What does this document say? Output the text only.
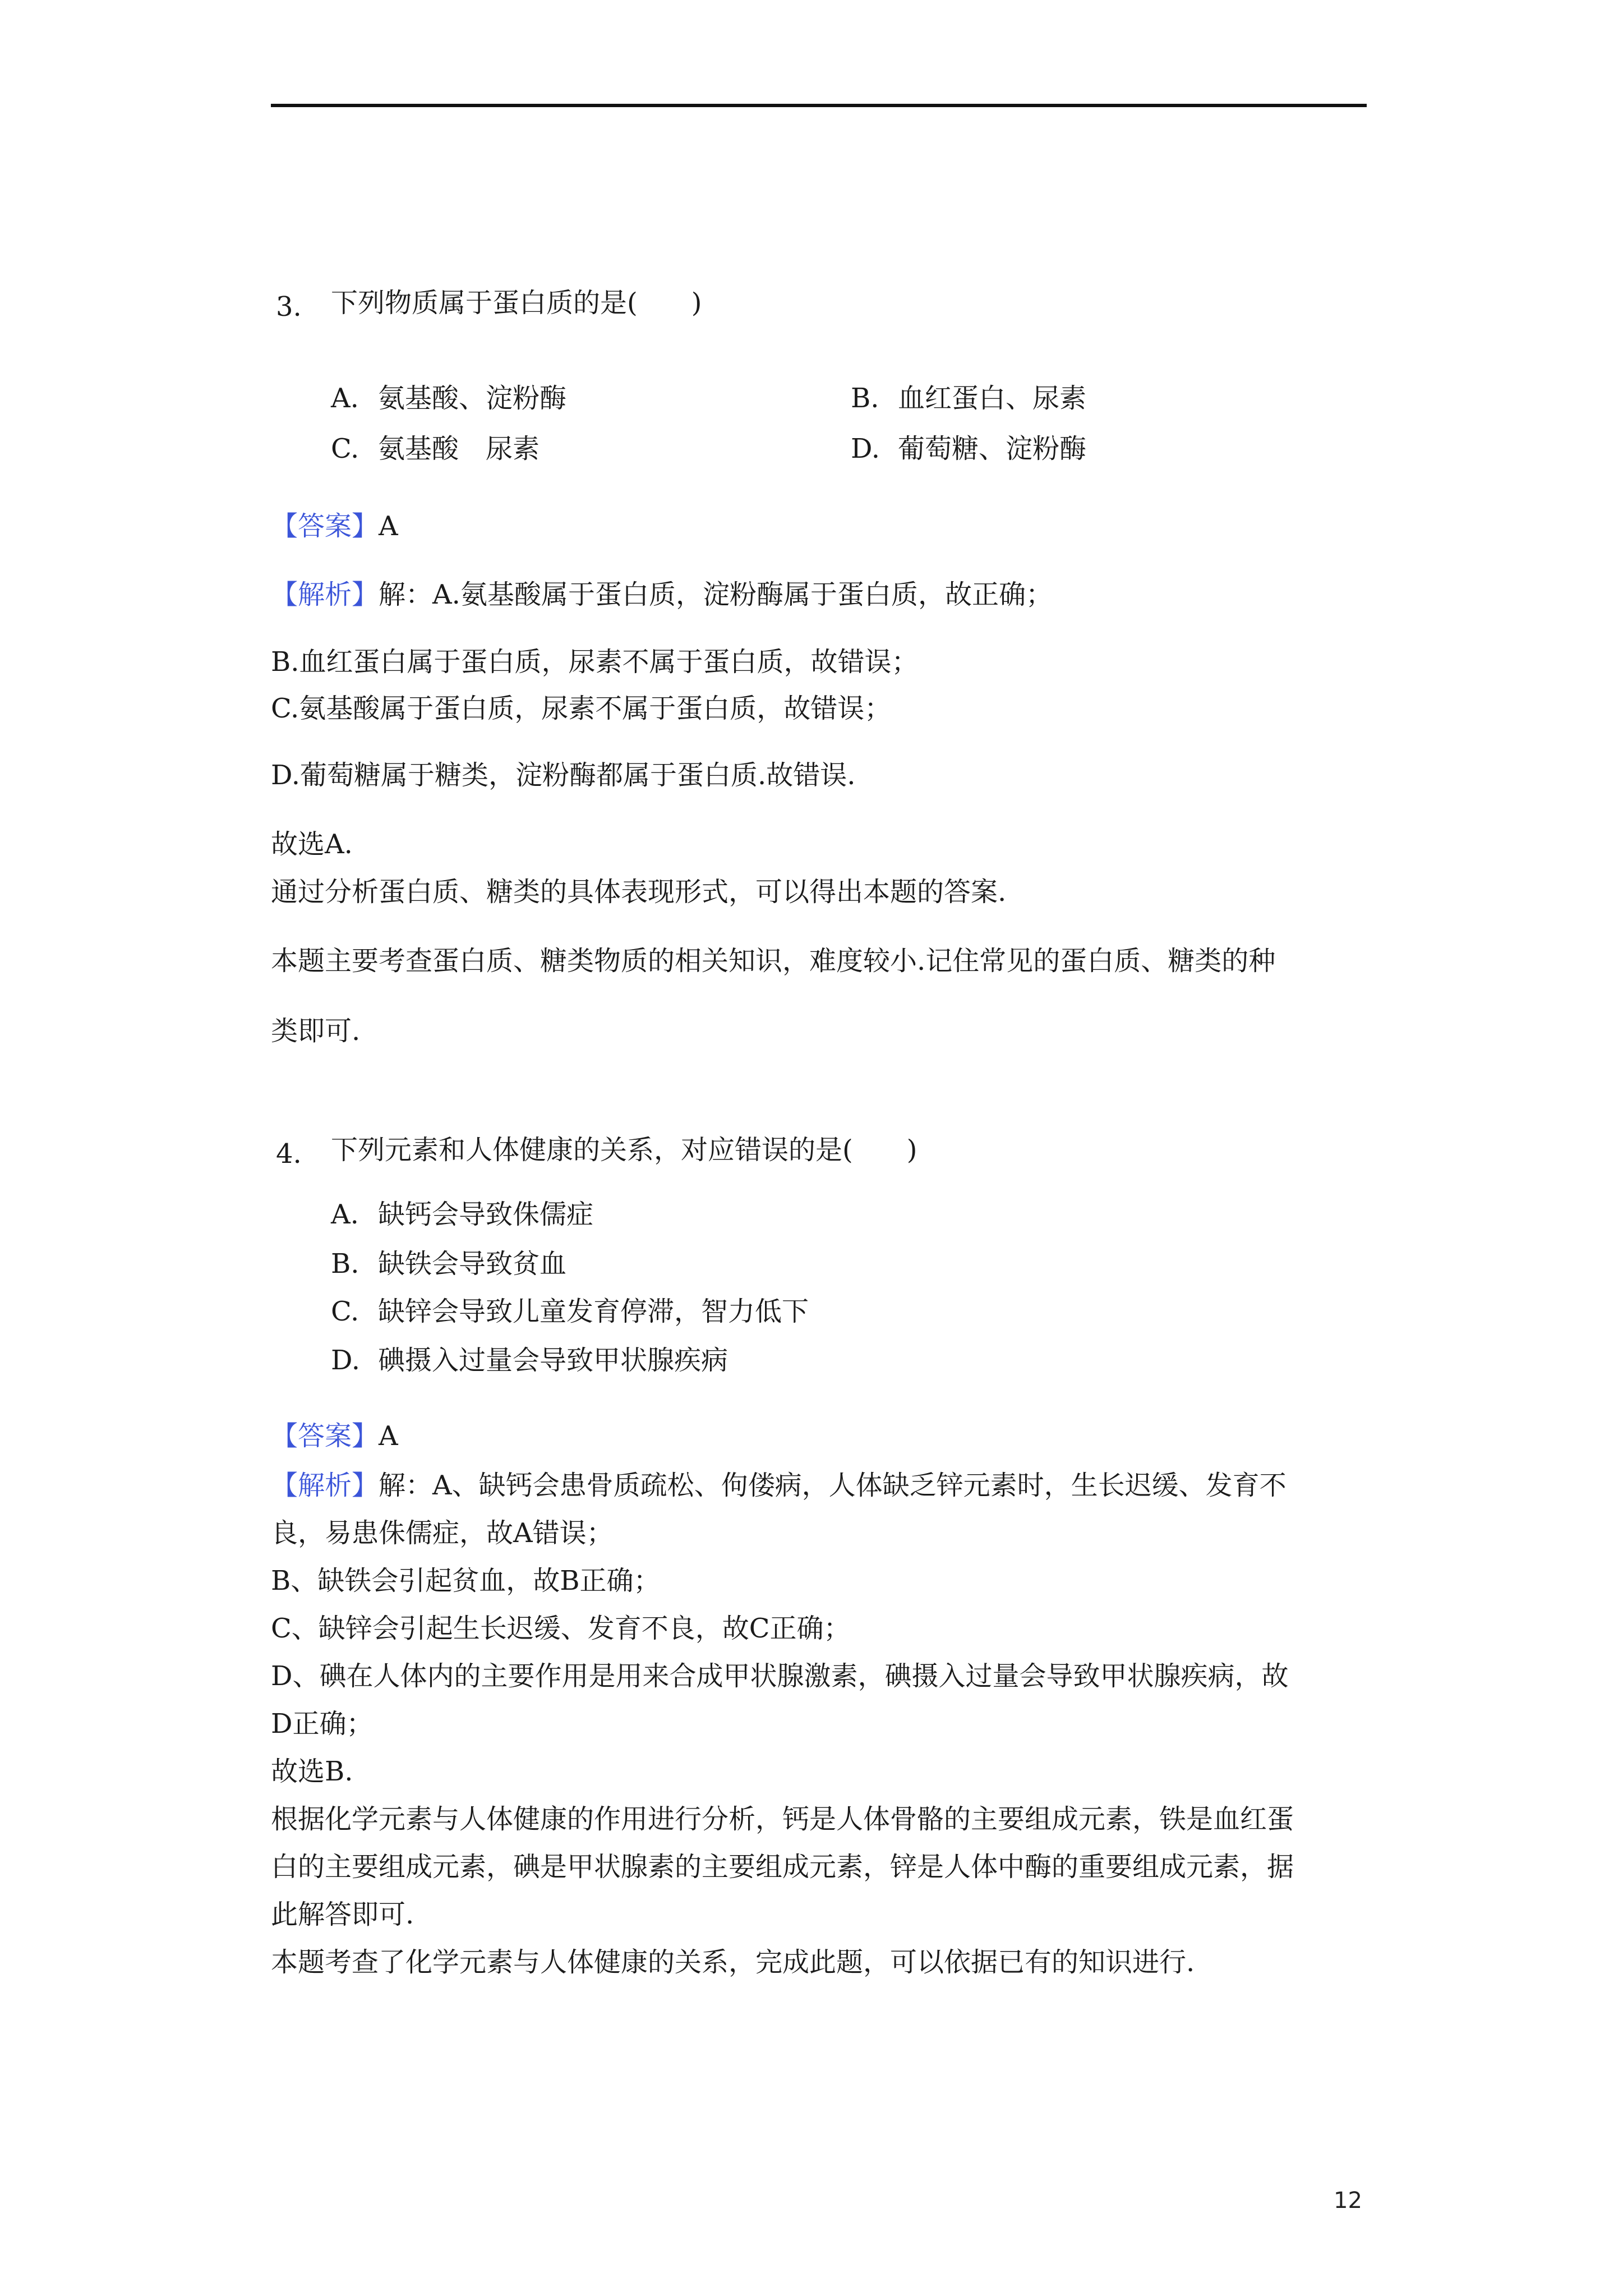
3. 下列物质属于蛋白质的是(　　)
A. 氨基酸、淀粉酶	B. 血红蛋白、尿素
C. 氨基酸　尿素	D. 葡萄糖、淀粉酶
【答案】A
【解析】解：A.氨基酸属于蛋白质，淀粉酶属于蛋白质，故正确；
B.血红蛋白属于蛋白质，尿素不属于蛋白质，故错误；
C.氨基酸属于蛋白质，尿素不属于蛋白质，故错误；
D.葡萄糖属于糖类，淀粉酶都属于蛋白质.故错误.
故选A.
通过分析蛋白质、糖类的具体表现形式，可以得出本题的答案.
本题主要考查蛋白质、糖类物质的相关知识，难度较小.记住常见的蛋白质、糖类的种
类即可.
4. 下列元素和人体健康的关系，对应错误的是(　　)
A. 缺钙会导致侏儒症
B. 缺铁会导致贫血
C. 缺锌会导致儿童发育停滞，智力低下
D. 碘摄入过量会导致甲状腺疾病
【答案】A
【解析】解：A、缺钙会患骨质疏松、佝偻病，人体缺乏锌元素时，生长迟缓、发育不
良，易患侏儒症，故A错误；
B、缺铁会引起贫血，故B正确；
C、缺锌会引起生长迟缓、发育不良，故C正确；
D、碘在人体内的主要作用是用来合成甲状腺激素，碘摄入过量会导致甲状腺疾病，故
D正确；
故选B.
根据化学元素与人体健康的作用进行分析，钙是人体骨骼的主要组成元素，铁是血红蛋
白的主要组成元素，碘是甲状腺素的主要组成元素，锌是人体中酶的重要组成元素，据
此解答即可.
本题考查了化学元素与人体健康的关系，完成此题，可以依据已有的知识进行.
12
